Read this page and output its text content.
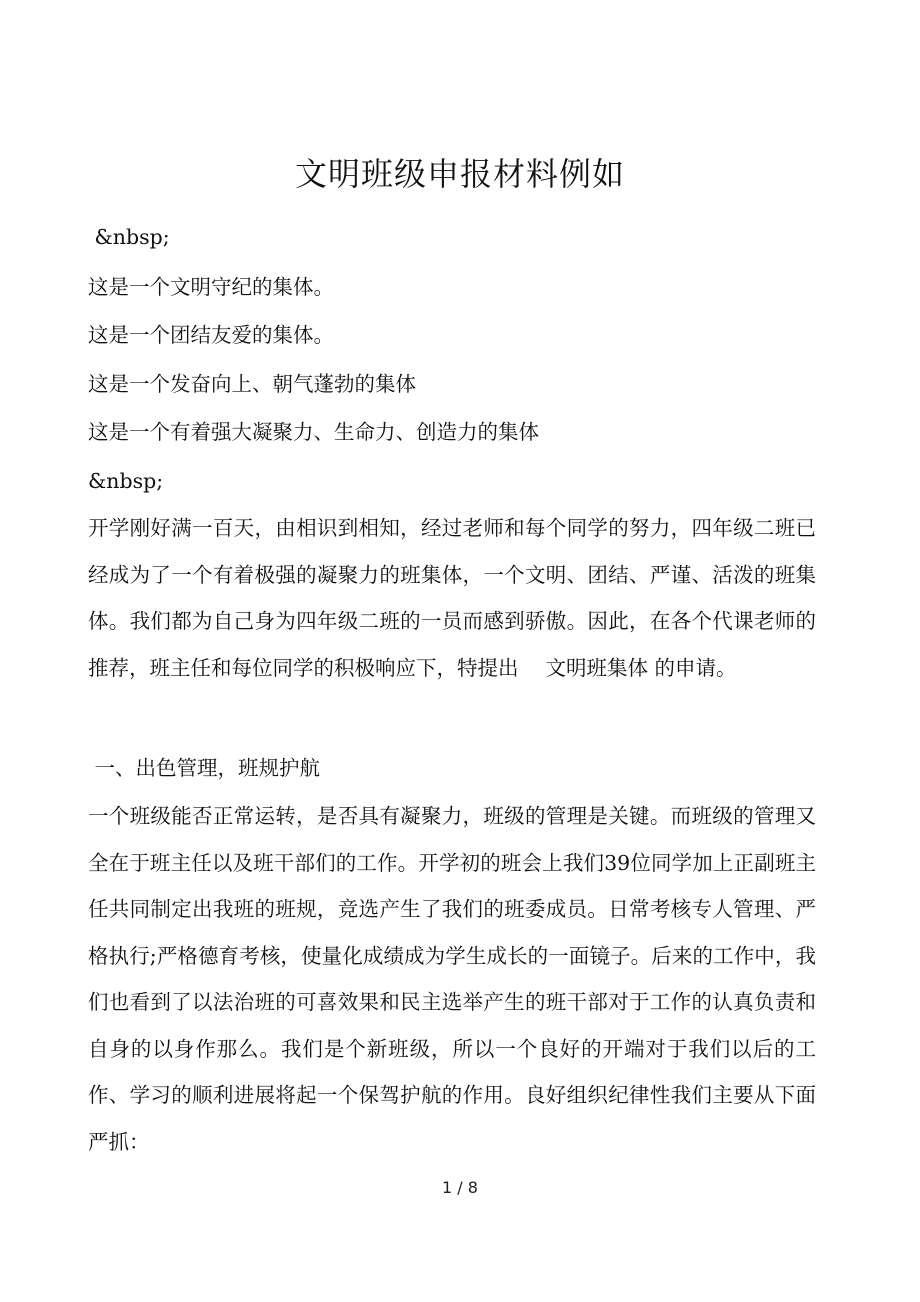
文明班级申报材料例如

&nbsp;

这是一个文明守纪的集体。

这是一个团结友爱的集体。

这是一个发奋向上、朝气蓬勃的集体

这是一个有着强大凝聚力、生命力、创造力的集体

&nbsp;

开学刚好满一百天，由相识到相知，经过老师和每个同学的努力，四年级二班已经成为了一个有着极强的凝聚力的班集体，一个文明、团结、严谨、活泼的班集体。我们都为自己身为四年级二班的一员而感到骄傲。因此，在各个代课老师的推荐，班主任和每位同学的积极响应下，特提出　 文明班集体 的申请。

一、出色管理，班规护航

一个班级能否正常运转，是否具有凝聚力，班级的管理是关键。而班级的管理又全在于班主任以及班干部们的工作。开学初的班会上我们39位同学加上正副班主任共同制定出我班的班规，竞选产生了我们的班委成员。日常考核专人管理、严格执行;严格德育考核，使量化成绩成为学生成长的一面镜子。后来的工作中，我们也看到了以法治班的可喜效果和民主选举产生的班干部对于工作的认真负责和自身的以身作那么。我们是个新班级，所以一个良好的开端对于我们以后的工作、学习的顺利进展将起一个保驾护航的作用。良好组织纪律性我们主要从下面严抓：

1 / 8
